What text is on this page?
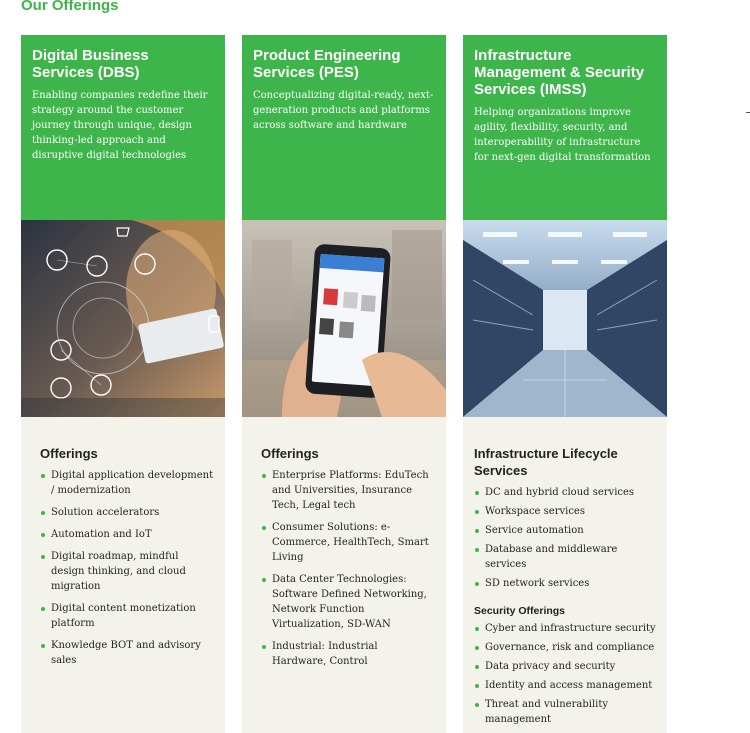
Our Offerings
Digital Business Services (DBS)

Enabling companies redefine their strategy around the customer journey through unique, design thinking-led approach and disruptive digital technologies

Offerings
Digital application development / modernization
Solution accelerators
Automation and IoT
Digital roadmap, mindful design thinking, and cloud migration
Digital content monetization platform
Knowledge BOT and advisory sales
Product Engineering Services (PES)

Conceptualizing digital-ready, next-generation products and platforms across software and hardware

Offerings
Enterprise Platforms: EduTech and Universities, Insurance Tech, Legal tech
Consumer Solutions: e-Commerce, HealthTech, Smart Living
Data Center Technologies: Software Defined Networking, Network Function Virtualization, SD-WAN
Industrial: Industrial Hardware, Control
Infrastructure Management & Security Services (IMSS)

Helping organizations improve agility, flexibility, security, and interoperability of infrastructure for next-gen digital transformation

Infrastructure Lifecycle Services
DC and hybrid cloud services
Workspace services
Service automation
Database and middleware services
SD network services
Security Offerings
Cyber and infrastructure security
Governance, risk and compliance
Data privacy and security
Identity and access management
Threat and vulnerability management
